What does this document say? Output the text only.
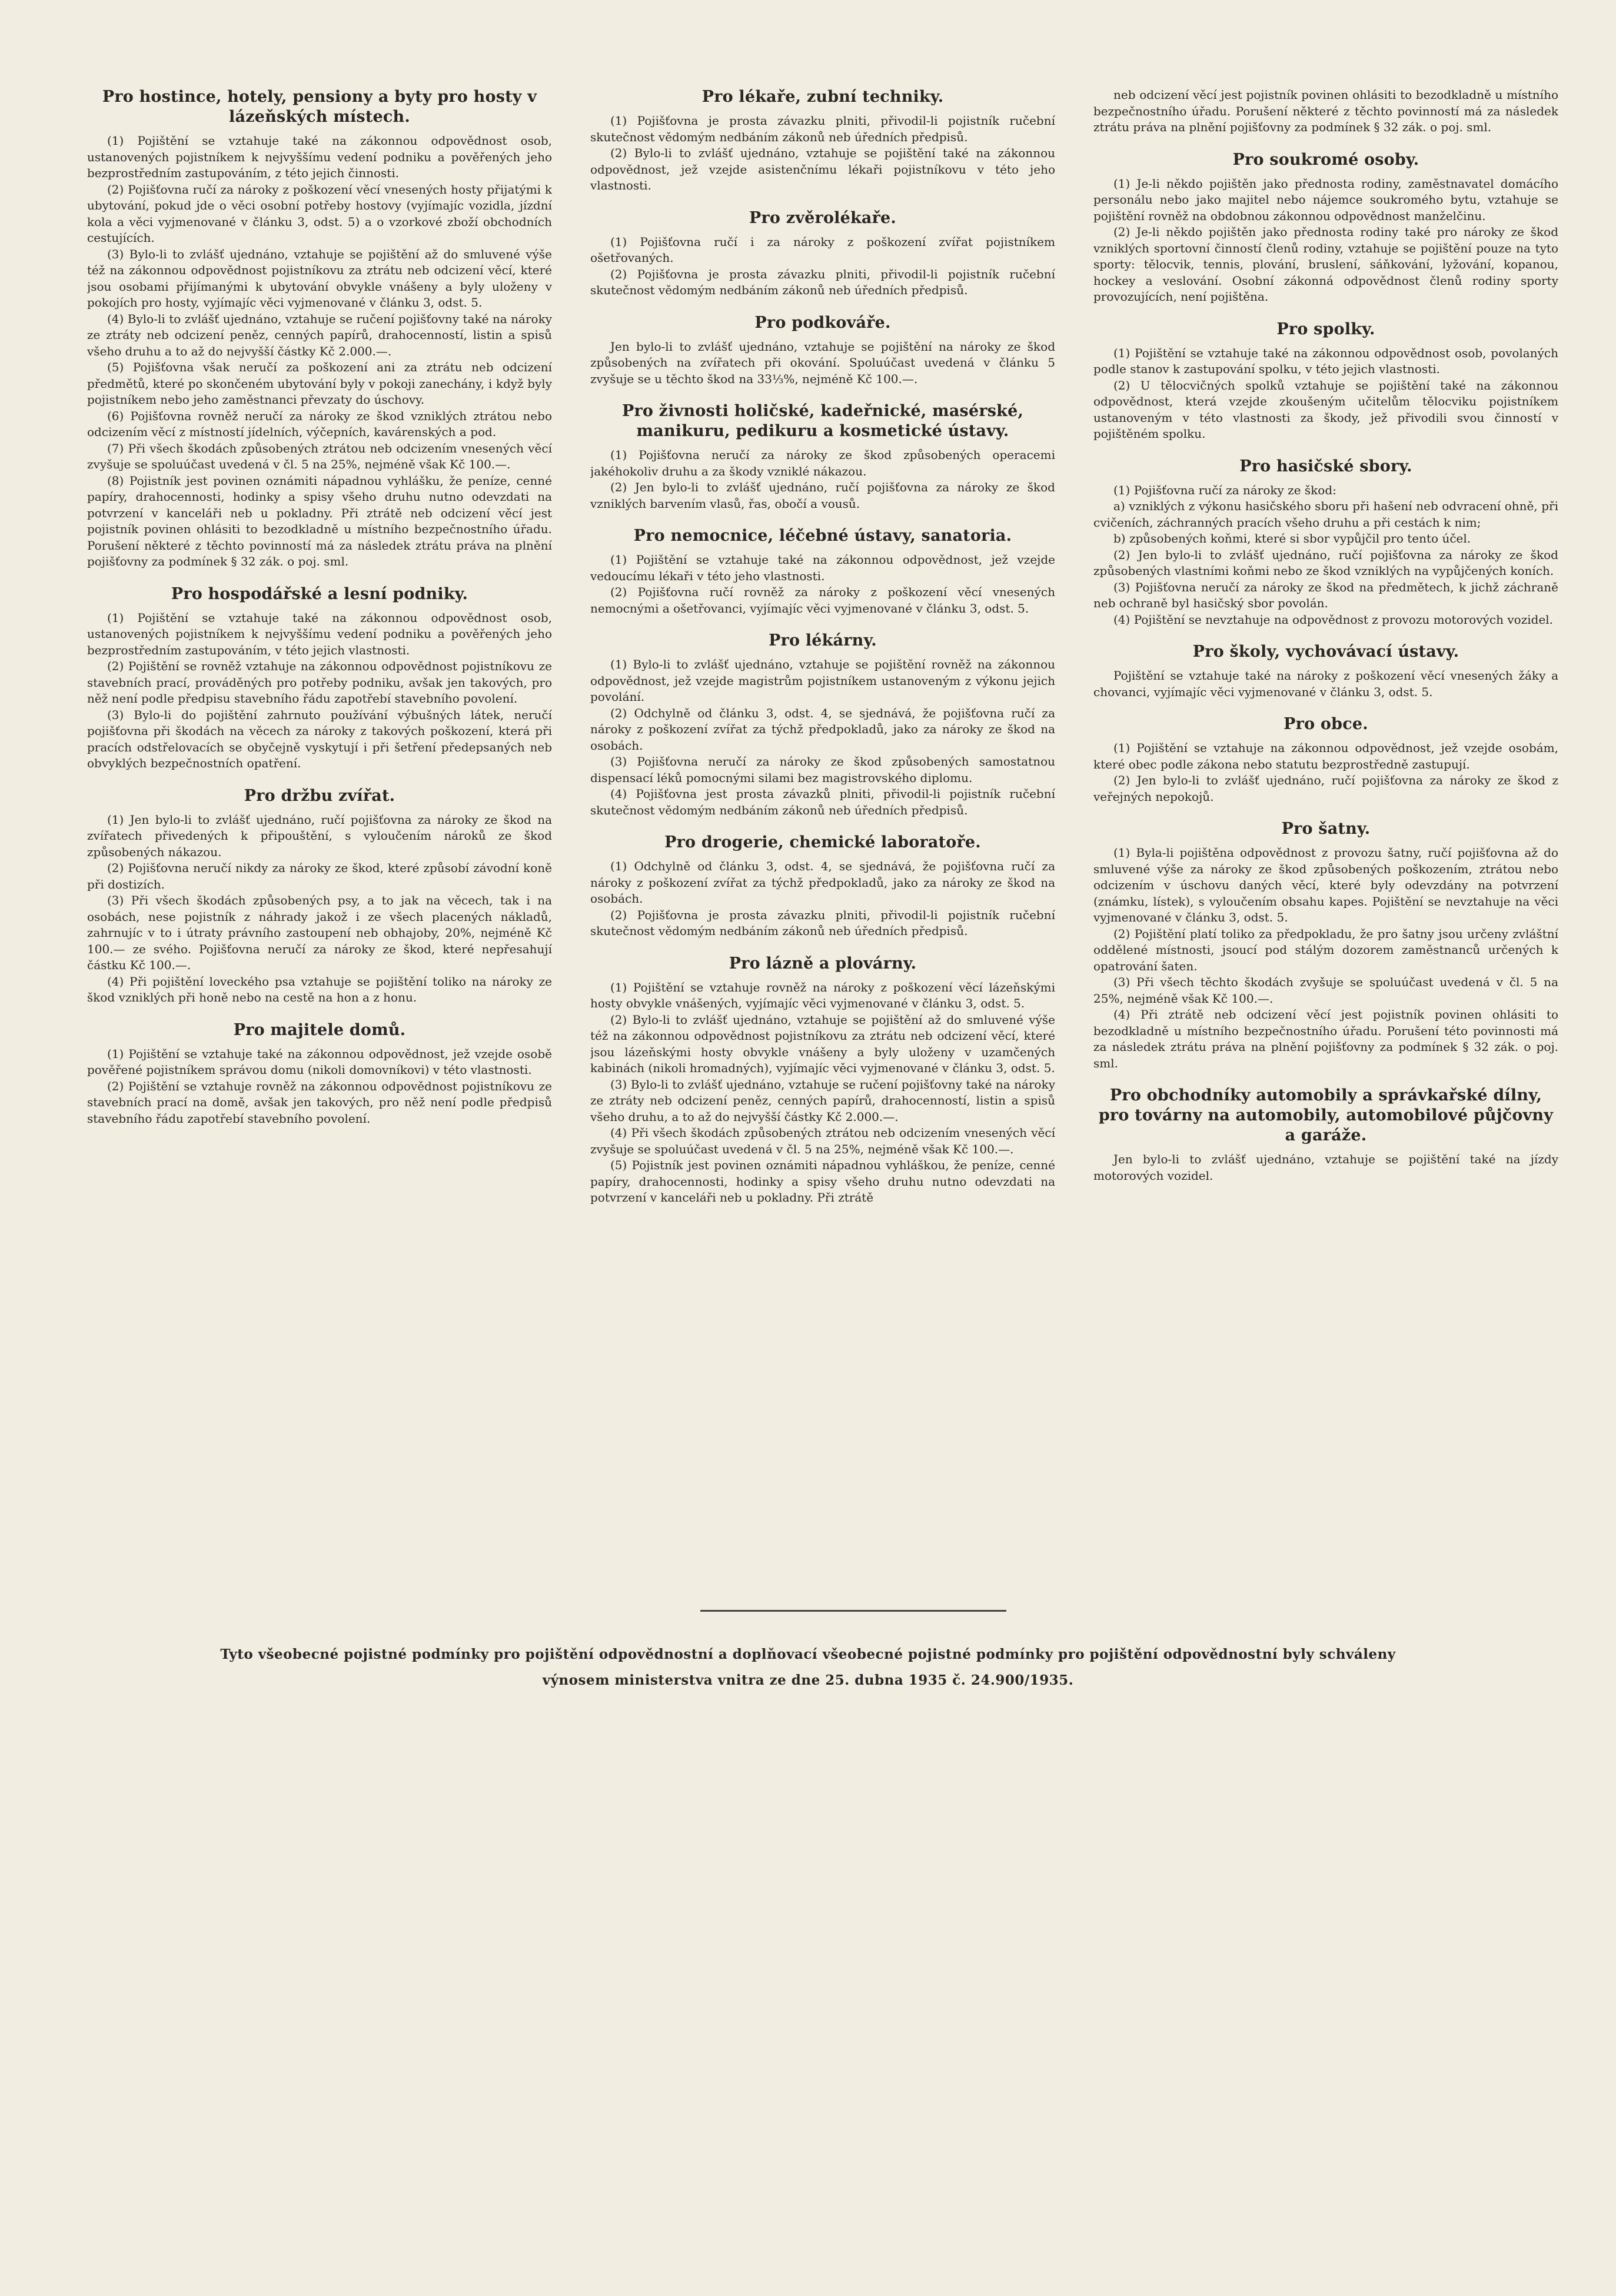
Pro hostince, hotely, pensiony a byty pro hosty v lázeňských místech.

(1) Pojištění se vztahuje také na zákonnou odpovědnost osob, ustanovených pojistníkem k nejvyššímu vedení podniku a pověřených jeho bezprostředním zastupováním, z této jejich činnosti.

(2) Pojišťovna ručí za nároky z poškození věcí vnesených hosty přijatými k ubytování, pokud jde o věci osobní potřeby hostovy (vyjímajíc vozidla, jízdní kola a věci vyjmenované v článku 3, odst. 5) a o vzorkové zboží obchodních cestujících.

(3) Bylo-li to zvlášť ujednáno, vztahuje se pojištění až do smluvené výše též na zákonnou odpovědnost pojistníkovu za ztrátu neb odcizení věcí, které jsou osobami přijímanými k ubytování obvykle vnášeny a byly uloženy v pokojích pro hosty, vyjímajíc věci vyjmenované v článku 3, odst. 5.

(4) Bylo-li to zvlášť ujednáno, vztahuje se ručení pojišťovny také na nároky ze ztráty neb odcizení peněz, cenných papírů, drahocenností, listin a spisů všeho druhu a to až do nejvyšší částky Kč 2.000.—.

(5) Pojišťovna však neručí za poškození ani za ztrátu neb odcizení předmětů, které po skončeném ubytování byly v pokoji zanechány, i když byly pojistníkem nebo jeho zaměstnanci převzaty do úschovy.

(6) Pojišťovna rovněž neručí za nároky ze škod vzniklých ztrátou nebo odcizením věcí z místností jídelních, výčepních, kavárenských a pod.

(7) Při všech škodách způsobených ztrátou neb odcizením vnesených věcí zvyšuje se spoluúčast uvedená v čl. 5 na 25%, nejméně však Kč 100.—.

(8) Pojistník jest povinen oznámiti nápadnou vyhlášku, že peníze, cenné papíry, drahocennosti, hodinky a spisy všeho druhu nutno odevzdati na potvrzení v kanceláři neb u pokladny. Při ztrátě neb odcizení věcí jest pojistník povinen ohlásiti to bezodkladně u místního bezpečnostního úřadu. Porušení některé z těchto povinností má za následek ztrátu práva na plnění pojišťovny za podmínek § 32 zák. o poj. sml.

Pro hospodářské a lesní podniky.

(1) Pojištění se vztahuje také na zákonnou odpovědnost osob, ustanovených pojistníkem k nejvyššímu vedení podniku a pověřených jeho bezprostředním zastupováním, v této jejich vlastnosti.

(2) Pojištění se rovněž vztahuje na zákonnou odpovědnost pojistníkovu ze stavebních prací, prováděných pro potřeby podniku, avšak jen takových, pro něž není podle předpisu stavebního řádu zapotřebí stavebního povolení.

(3) Bylo-li do pojištění zahrnuto používání výbušných látek, neručí pojišťovna při škodách na věcech za nároky z takových poškození, která při pracích odstřelovacích se obyčejně vyskytují i při šetření předepsaných neb obvyklých bezpečnostních opatření.

Pro držbu zvířat.

(1) Jen bylo-li to zvlášť ujednáno, ručí pojišťovna za nároky ze škod na zvířatech přivedených k připouštění, s vyloučením nároků ze škod způsobených nákazou.

(2) Pojišťovna neručí nikdy za nároky ze škod, které způsobí závodní koně při dostizích.

(3) Při všech škodách způsobených psy, a to jak na věcech, tak i na osobách, nese pojistník z náhrady jakož i ze všech placených nákladů, zahrnujíc v to i útraty právního zastoupení neb obhajoby, 20%, nejméně Kč 100.— ze svého. Pojišťovna neručí za nároky ze škod, které nepřesahují částku Kč 100.—.

(4) Při pojištění loveckého psa vztahuje se pojištění toliko na nároky ze škod vzniklých při honě nebo na cestě na hon a z honu.

Pro majitele domů.

(1) Pojištění se vztahuje také na zákonnou odpovědnost, jež vzejde osobě pověřené pojistníkem správou domu (nikoli domovníkovi) v této vlastnosti.

(2) Pojištění se vztahuje rovněž na zákonnou odpovědnost pojistníkovu ze stavebních prací na domě, avšak jen takových, pro něž není podle předpisů stavebního řádu zapotřebí stavebního povolení.

Pro lékaře, zubní techniky.

(1) Pojišťovna je prosta závazku plniti, přivodil-li pojistník ručební skutečnost vědomým nedbáním zákonů neb úředních předpisů.

(2) Bylo-li to zvlášť ujednáno, vztahuje se pojištění také na zákonnou odpovědnost, jež vzejde asistenčnímu lékaři pojistníkovu v této jeho vlastnosti.

Pro zvěrolékaře.

(1) Pojišťovna ručí i za nároky z poškození zvířat pojistníkem ošetřovaných.

(2) Pojišťovna je prosta závazku plniti, přivodil-li pojistník ručební skutečnost vědomým nedbáním zákonů neb úředních předpisů.

Pro podkováře.

Jen bylo-li to zvlášť ujednáno, vztahuje se pojištění na nároky ze škod způsobených na zvířatech při okování. Spoluúčast uvedená v článku 5 zvyšuje se u těchto škod na 33⅓%, nejméně Kč 100.—.

Pro živnosti holičské, kadeřnické, masérské, manikuru, pedikuru a kosmetické ústavy.

(1) Pojišťovna neručí za nároky ze škod způsobených operacemi jakéhokoliv druhu a za škody vzniklé nákazou.

(2) Jen bylo-li to zvlášť ujednáno, ručí pojišťovna za nároky ze škod vzniklých barvením vlasů, řas, obočí a vousů.

Pro nemocnice, léčebné ústavy, sanatoria.

(1) Pojištění se vztahuje také na zákonnou odpovědnost, jež vzejde vedoucímu lékaři v této jeho vlastnosti.

(2) Pojišťovna ručí rovněž za nároky z poškození věcí vnesených nemocnými a ošetřovanci, vyjímajíc věci vyjmenované v článku 3, odst. 5.

Pro lékárny.

(1) Bylo-li to zvlášť ujednáno, vztahuje se pojištění rovněž na zákonnou odpovědnost, jež vzejde magistrům pojistníkem ustanoveným z výkonu jejich povolání.

(2) Odchylně od článku 3, odst. 4, se sjednává, že pojišťovna ručí za nároky z poškození zvířat za týchž předpokladů, jako za nároky ze škod na osobách.

(3) Pojišťovna neručí za nároky ze škod způsobených samostatnou dispensací léků pomocnými silami bez magistrovského diplomu.

(4) Pojišťovna jest prosta závazků plniti, přivodil-li pojistník ručební skutečnost vědomým nedbáním zákonů neb úředních předpisů.

Pro drogerie, chemické laboratoře.

(1) Odchylně od článku 3, odst. 4, se sjednává, že pojišťovna ručí za nároky z poškození zvířat za týchž předpokladů, jako za nároky ze škod na osobách.

(2) Pojišťovna je prosta závazku plniti, přivodil-li pojistník ručební skutečnost vědomým nedbáním zákonů neb úředních předpisů.

Pro lázně a plovárny.

(1) Pojištění se vztahuje rovněž na nároky z poškození věcí lázeňskými hosty obvykle vnášených, vyjímajíc věci vyjmenované v článku 3, odst. 5.

(2) Bylo-li to zvlášť ujednáno, vztahuje se pojištění až do smluvené výše též na zákonnou odpovědnost pojistníkovu za ztrátu neb odcizení věcí, které jsou lázeňskými hosty obvykle vnášeny a byly uloženy v uzamčených kabinách (nikoli hromadných), vyjímajíc věci vyjmenované v článku 3, odst. 5.

(3) Bylo-li to zvlášť ujednáno, vztahuje se ručení pojišťovny také na nároky ze ztráty neb odcizení peněz, cenných papírů, drahocenností, listin a spisů všeho druhu, a to až do nejvyšší částky Kč 2.000.—.

(4) Při všech škodách způsobených ztrátou neb odcizením vnesených věcí zvyšuje se spoluúčast uvedená v čl. 5 na 25%, nejméně však Kč 100.—.

(5) Pojistník jest povinen oznámiti nápadnou vyhláškou, že peníze, cenné papíry, drahocennosti, hodinky a spisy všeho druhu nutno odevzdati na potvrzení v kanceláři neb u pokladny. Při ztrátě

neb odcizení věcí jest pojistník povinen ohlásiti to bezodkladně u místního bezpečnostního úřadu. Porušení některé z těchto povinností má za následek ztrátu práva na plnění pojišťovny za podmínek § 32 zák. o poj. sml.

Pro soukromé osoby.

(1) Je-li někdo pojištěn jako přednosta rodiny, zaměstnavatel domácího personálu nebo jako majitel nebo nájemce soukromého bytu, vztahuje se pojištění rovněž na obdobnou zákonnou odpovědnost manželčinu.

(2) Je-li někdo pojištěn jako přednosta rodiny také pro nároky ze škod vzniklých sportovní činností členů rodiny, vztahuje se pojištění pouze na tyto sporty: tělocvik, tennis, plování, bruslení, sáňkování, lyžování, kopanou, hockey a veslování. Osobní zákonná odpovědnost členů rodiny sporty provozujících, není pojištěna.

Pro spolky.

(1) Pojištění se vztahuje také na zákonnou odpovědnost osob, povolaných podle stanov k zastupování spolku, v této jejich vlastnosti.

(2) U tělocvičných spolků vztahuje se pojištění také na zákonnou odpovědnost, která vzejde zkoušeným učitelům tělocviku pojistníkem ustanoveným v této vlastnosti za škody, jež přivodili svou činností v pojištěném spolku.

Pro hasičské sbory.

(1) Pojišťovna ručí za nároky ze škod:

a) vzniklých z výkonu hasičského sboru při hašení neb odvracení ohně, při cvičeních, záchranných pracích všeho druhu a při cestách k nim;

b) způsobených koňmi, které si sbor vypůjčil pro tento účel.

(2) Jen bylo-li to zvlášť ujednáno, ručí pojišťovna za nároky ze škod způsobených vlastními koňmi nebo ze škod vzniklých na vypůjčených koních.

(3) Pojišťovna neručí za nároky ze škod na předmětech, k jichž záchraně neb ochraně byl hasičský sbor povolán.

(4) Pojištění se nevztahuje na odpovědnost z provozu motorových vozidel.

Pro školy, vychovávací ústavy.

Pojištění se vztahuje také na nároky z poškození věcí vnesených žáky a chovanci, vyjímajíc věci vyjmenované v článku 3, odst. 5.

Pro obce.

(1) Pojištění se vztahuje na zákonnou odpovědnost, jež vzejde osobám, které obec podle zákona nebo statutu bezprostředně zastupují.

(2) Jen bylo-li to zvlášť ujednáno, ručí pojišťovna za nároky ze škod z veřejných nepokojů.

Pro šatny.

(1) Byla-li pojištěna odpovědnost z provozu šatny, ručí pojišťovna až do smluvené výše za nároky ze škod způsobených poškozením, ztrátou nebo odcizením v úschovu daných věcí, které byly odevzdány na potvrzení (známku, lístek), s vyloučením obsahu kapes. Pojištění se nevztahuje na věci vyjmenované v článku 3, odst. 5.

(2) Pojištění platí toliko za předpokladu, že pro šatny jsou určeny zvláštní oddělené místnosti, jsoucí pod stálým dozorem zaměstnanců určených k opatrování šaten.

(3) Při všech těchto škodách zvyšuje se spoluúčast uvedená v čl. 5 na 25%, nejméně však Kč 100.—.

(4) Při ztrátě neb odcizení věcí jest pojistník povinen ohlásiti to bezodkladně u místního bezpečnostního úřadu. Porušení této povinnosti má za následek ztrátu práva na plnění pojišťovny za podmínek § 32 zák. o poj. sml.

Pro obchodníky automobily a správkařské dílny, pro továrny na automobily, automobilové půjčovny a garáže.

Jen bylo-li to zvlášť ujednáno, vztahuje se pojištění také na jízdy motorových vozidel.

Tyto všeobecné pojistné podmínky pro pojištění odpovědnostní a doplňovací všeobecné pojistné podmínky pro pojištění odpovědnostní byly schváleny
výnosem ministerstva vnitra ze dne 25. dubna 1935 č. 24.900/1935.
